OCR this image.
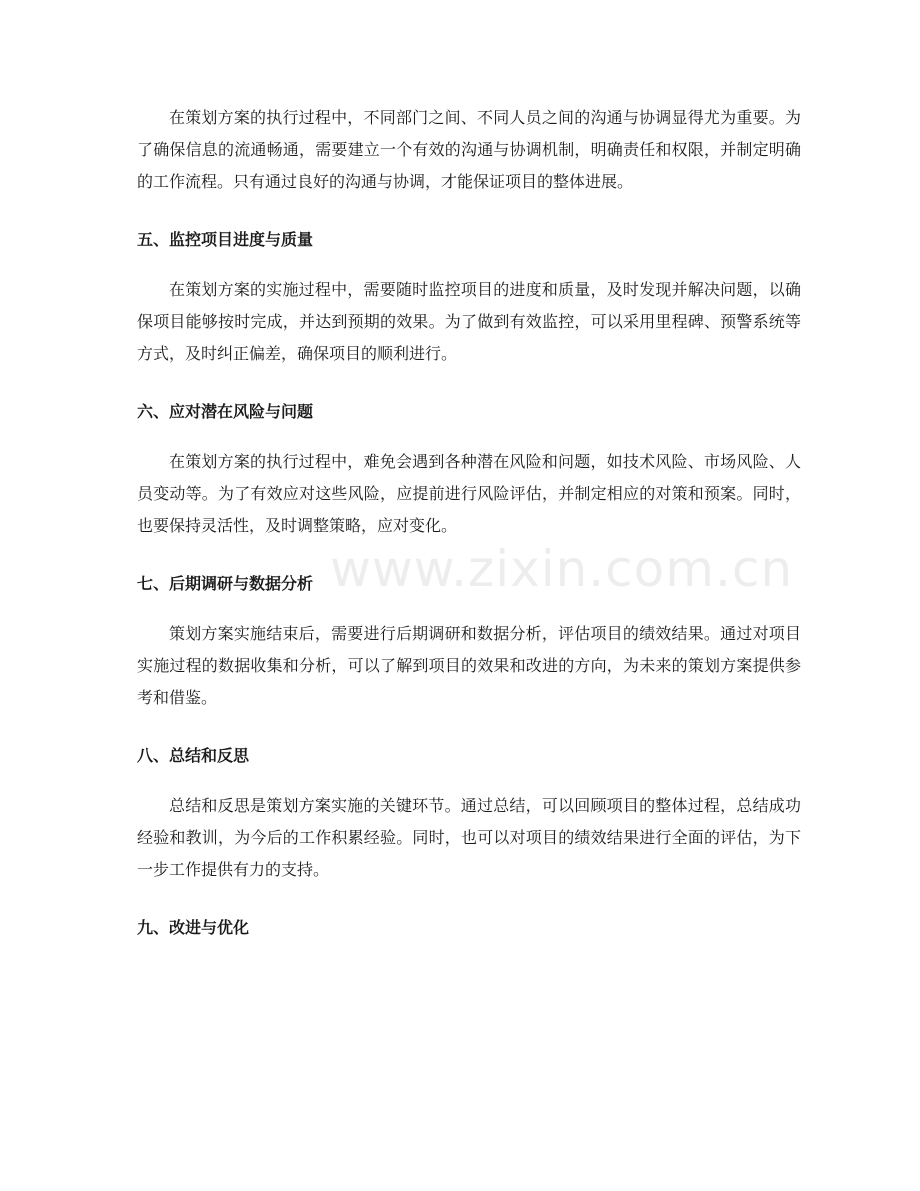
www.zixin.com.cn

在策划方案的执行过程中，不同部门之间、不同人员之间的沟通与协调显得尤为重要。为了确保信息的流通畅通，需要建立一个有效的沟通与协调机制，明确责任和权限，并制定明确的工作流程。只有通过良好的沟通与协调，才能保证项目的整体进展。

五、监控项目进度与质量

在策划方案的实施过程中，需要随时监控项目的进度和质量，及时发现并解决问题，以确保项目能够按时完成，并达到预期的效果。为了做到有效监控，可以采用里程碑、预警系统等方式，及时纠正偏差，确保项目的顺利进行。

六、应对潜在风险与问题

在策划方案的执行过程中，难免会遇到各种潜在风险和问题，如技术风险、市场风险、人员变动等。为了有效应对这些风险，应提前进行风险评估，并制定相应的对策和预案。同时，也要保持灵活性，及时调整策略，应对变化。

七、后期调研与数据分析

策划方案实施结束后，需要进行后期调研和数据分析，评估项目的绩效结果。通过对项目实施过程的数据收集和分析，可以了解到项目的效果和改进的方向，为未来的策划方案提供参考和借鉴。

八、总结和反思

总结和反思是策划方案实施的关键环节。通过总结，可以回顾项目的整体过程，总结成功经验和教训，为今后的工作积累经验。同时，也可以对项目的绩效结果进行全面的评估，为下一步工作提供有力的支持。

九、改进与优化
